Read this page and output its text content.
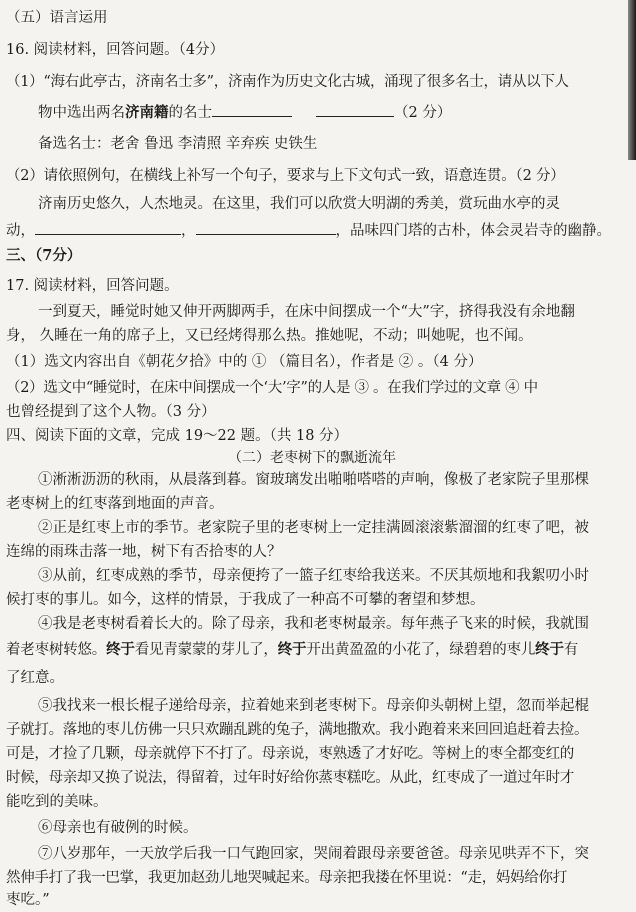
（五）语言运用
16. 阅读材料，回答问题。（4分）
（1）“海右此亭古，济南名士多”，济南作为历史文化古城，涌现了很多名士，请从以下人
物中选出两名济南籍的名士	（2 分）
备选名士：老舍 鲁迅 李清照 辛弃疾 史铁生
（2）请依照例句，在横线上补写一个句子，要求与上下文句式一致，语意连贯。（2 分）
济南历史悠久，人杰地灵。在这里，我们可以欣赏大明湖的秀美，赏玩曲水亭的灵
动，	，	，品味四门塔的古朴，体会灵岩寺的幽静。
三、（7分）
17. 阅读材料，回答问题。
一到夏天，睡觉时她又伸开两脚两手，在床中间摆成一个“大”字，挤得我没有余地翻
身， 久睡在一角的席子上，又已经烤得那么热。推她呢，不动；叫她呢，也不闻。
（1）选文内容出自《朝花夕拾》中的 ① （篇目名），作者是 ② 。（4 分）
（2）选文中“睡觉时，在床中间摆成一个‘大’字”的人是 ③ 。在我们学过的文章 ④ 中
也曾经提到了这个人物。（3 分）
四、阅读下面的文章，完成 19～22 题。（共 18 分）
（二）老枣树下的飘逝流年
①淅淅沥沥的秋雨，从晨落到暮。窗玻璃发出啪啪嗒嗒的声响，像极了老家院子里那棵
老枣树上的红枣落到地面的声音。
②正是红枣上市的季节。老家院子里的老枣树上一定挂满圆滚滚紫溜溜的红枣了吧，被
连绵的雨珠击落一地，树下有否拾枣的人？
③从前，红枣成熟的季节，母亲便挎了一篮子红枣给我送来。不厌其烦地和我絮叨小时
候打枣的事儿。如今，这样的情景，于我成了一种高不可攀的奢望和梦想。
④我是老枣树看着长大的。除了母亲，我和老枣树最亲。每年燕子飞来的时候，我就围
着老枣树转悠。终于看见青蒙蒙的芽儿了，终于开出黄盈盈的小花了，绿碧碧的枣儿终于有
了红意。
⑤我找来一根长棍子递给母亲，拉着她来到老枣树下。母亲仰头朝树上望，忽而举起棍
子就打。落地的枣儿仿佛一只只欢蹦乱跳的兔子，满地撒欢。我小跑着来来回回追赶着去捡。
可是，才捡了几颗，母亲就停下不打了。母亲说，枣熟透了才好吃。等树上的枣全都变红的
时候，母亲却又换了说法，得留着，过年时好给你蒸枣糕吃。从此，红枣成了一道过年时才
能吃到的美味。
⑥母亲也有破例的时候。
⑦八岁那年，一天放学后我一口气跑回家，哭闹着跟母亲要爸爸。母亲见哄弄不下，突
然伸手打了我一巴掌，我更加赵劲儿地哭喊起来。母亲把我搂在怀里说：“走，妈妈给你打
枣吃。”
